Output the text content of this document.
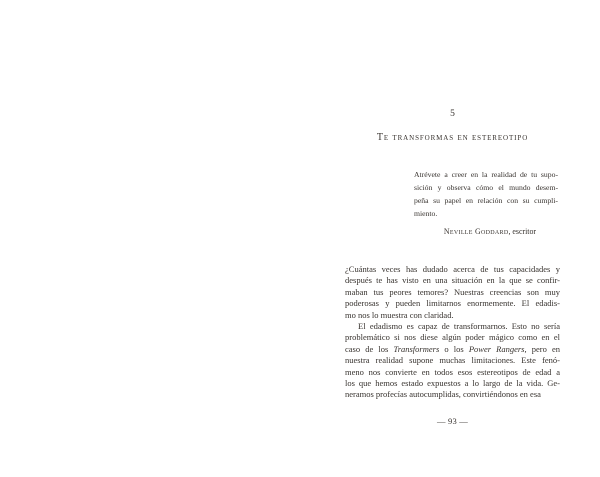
5
Te transformas en estereotipo
Atrévete a creer en la realidad de tu supo-
sición y observa cómo el mundo desem-
peña su papel en relación con su cumpli-
miento.
Neville Goddard, escritor
¿Cuántas veces has dudado acerca de tus capacidades y
después te has visto en una situación en la que se confir-
maban tus peores temores? Nuestras creencias son muy
poderosas y pueden limitarnos enormemente. El edadis-
mo nos lo muestra con claridad.
El edadismo es capaz de transformarnos. Esto no sería
problemático si nos diese algún poder mágico como en el
caso de los Transformers o los Power Rangers, pero en
nuestra realidad supone muchas limitaciones. Este fenó-
meno nos convierte en todos esos estereotipos de edad a
los que hemos estado expuestos a lo largo de la vida. Ge-
neramos profecías autocumplidas, convirtiéndonos en esa
— 93 —
